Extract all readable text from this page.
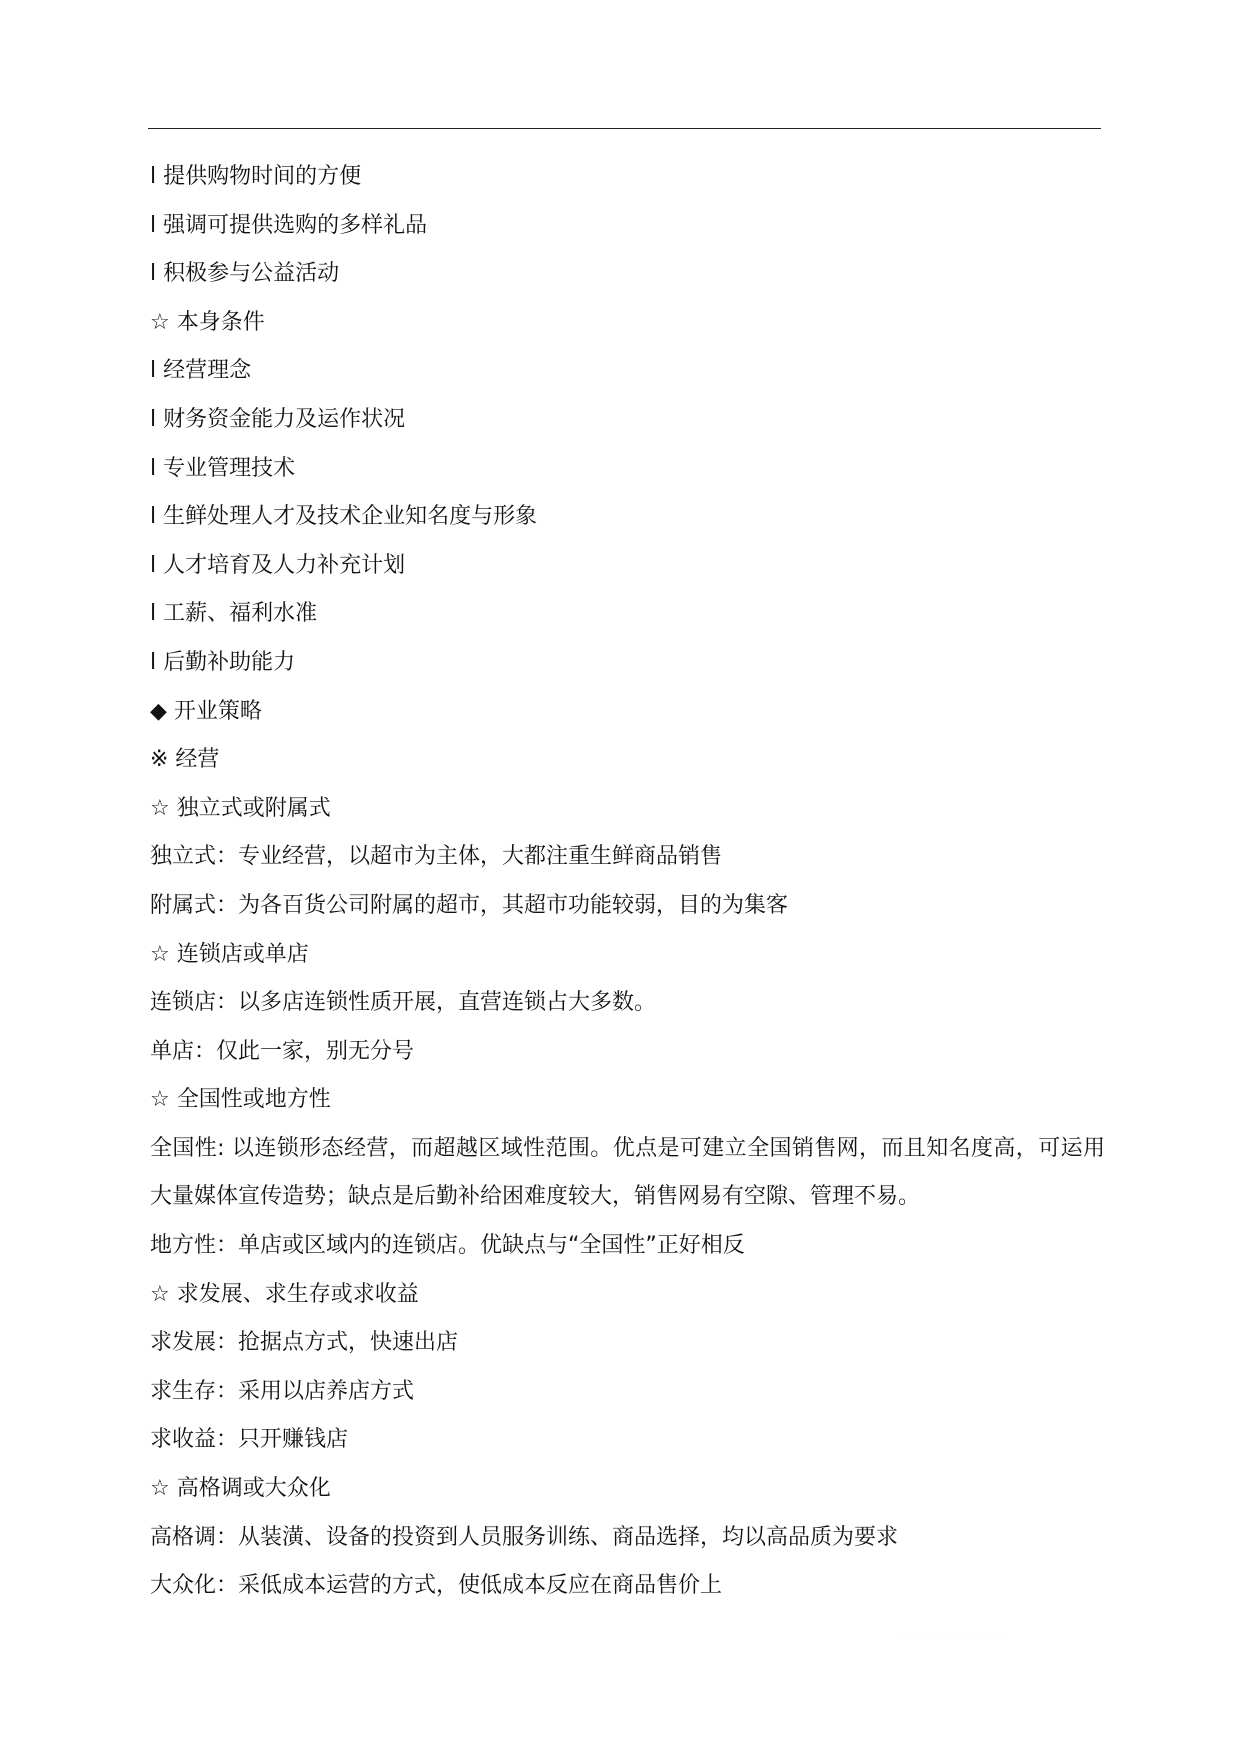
l 提供购物时间的方便

l 强调可提供选购的多样礼品

l 积极参与公益活动

☆ 本身条件

l 经营理念

l 财务资金能力及运作状况

l 专业管理技术

l 生鲜处理人才及技术企业知名度与形象

l 人才培育及人力补充计划

l 工薪、福利水准

l 后勤补助能力

◆ 开业策略

※ 经营

☆ 独立式或附属式

独立式：专业经营，以超市为主体，大都注重生鲜商品销售

附属式：为各百货公司附属的超市，其超市功能较弱，目的为集客

☆ 连锁店或单店

连锁店：以多店连锁性质开展，直营连锁占大多数。

单店：仅此一家，别无分号

☆ 全国性或地方性

全国性: 以连锁形态经营，而超越区域性范围。优点是可建立全国销售网，而且知名度高，可运用大量媒体宣传造势；缺点是后勤补给困难度较大，销售网易有空隙、管理不易。

地方性：单店或区域内的连锁店。优缺点与“全国性”正好相反

☆ 求发展、求生存或求收益

求发展：抢据点方式，快速出店

求生存：采用以店养店方式

求收益：只开赚钱店

☆ 高格调或大众化

高格调：从装潢、设备的投资到人员服务训练、商品选择，均以高品质为要求

大众化：采低成本运营的方式，使低成本反应在商品售价上

. . . . . . . . . . . . . . . . . . . . . . . . . . . .
